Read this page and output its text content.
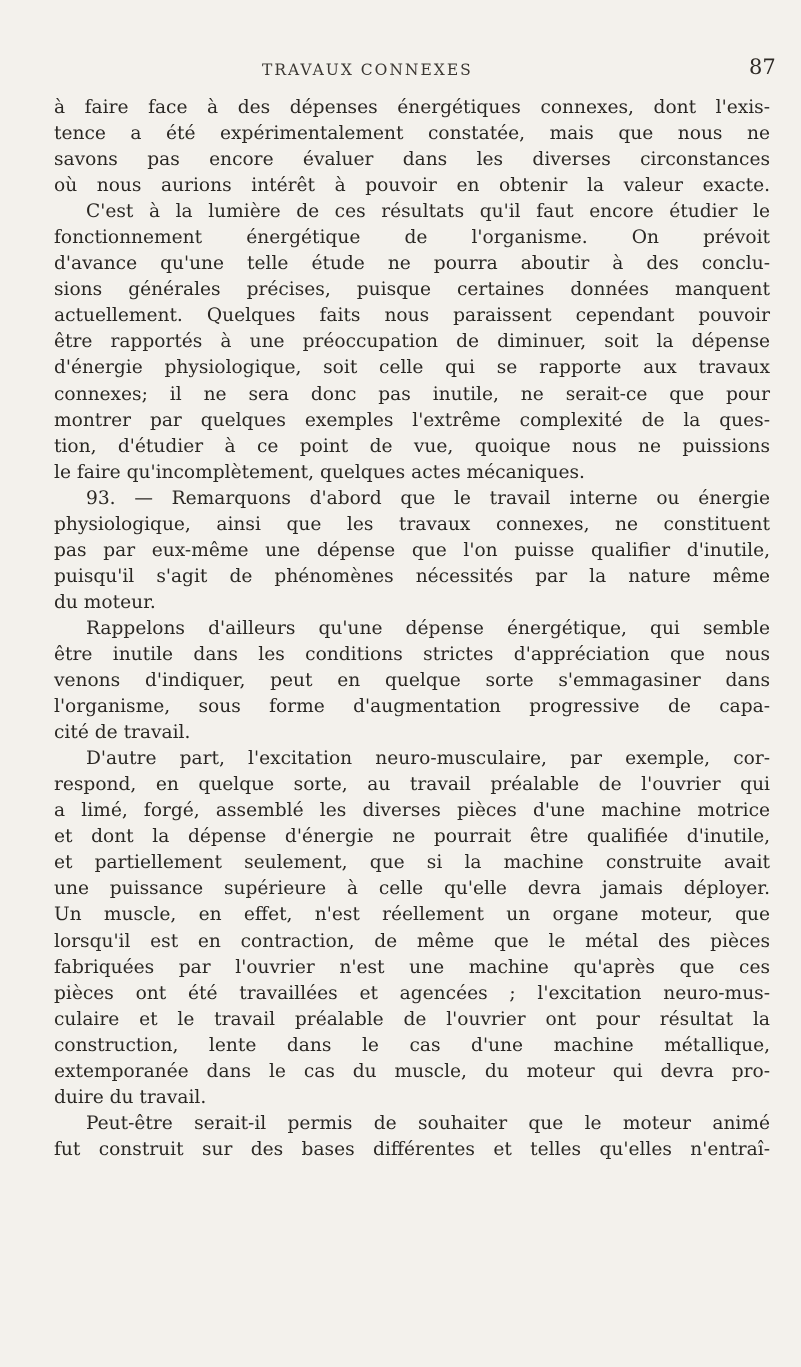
TRAVAUX CONNEXES	87
à faire face à des dépenses énergétiques connexes, dont l'exis-
tence a été expérimentalement constatée, mais que nous ne
savons pas encore évaluer dans les diverses circonstances
où nous aurions intérêt à pouvoir en obtenir la valeur exacte.
C'est à la lumière de ces résultats qu'il faut encore étudier le
fonctionnement énergétique de l'organisme. On prévoit
d'avance qu'une telle étude ne pourra aboutir à des conclu-
sions générales précises, puisque certaines données manquent
actuellement. Quelques faits nous paraissent cependant pouvoir
être rapportés à une préoccupation de diminuer, soit la dépense
d'énergie physiologique, soit celle qui se rapporte aux travaux
connexes; il ne sera donc pas inutile, ne serait-ce que pour
montrer par quelques exemples l'extrême complexité de la ques-
tion, d'étudier à ce point de vue, quoique nous ne puissions
le faire qu'incomplètement, quelques actes mécaniques.
93. — Remarquons d'abord que le travail interne ou énergie
physiologique, ainsi que les travaux connexes, ne constituent
pas par eux-même une dépense que l'on puisse qualifier d'inutile,
puisqu'il s'agit de phénomènes nécessités par la nature même
du moteur.
Rappelons d'ailleurs qu'une dépense énergétique, qui semble
être inutile dans les conditions strictes d'appréciation que nous
venons d'indiquer, peut en quelque sorte s'emmagasiner dans
l'organisme, sous forme d'augmentation progressive de capa-
cité de travail.
D'autre part, l'excitation neuro-musculaire, par exemple, cor-
respond, en quelque sorte, au travail préalable de l'ouvrier qui
a limé, forgé, assemblé les diverses pièces d'une machine motrice
et dont la dépense d'énergie ne pourrait être qualifiée d'inutile,
et partiellement seulement, que si la machine construite avait
une puissance supérieure à celle qu'elle devra jamais déployer.
Un muscle, en effet, n'est réellement un organe moteur, que
lorsqu'il est en contraction, de même que le métal des pièces
fabriquées par l'ouvrier n'est une machine qu'après que ces
pièces ont été travaillées et agencées ; l'excitation neuro-mus-
culaire et le travail préalable de l'ouvrier ont pour résultat la
construction, lente dans le cas d'une machine métallique,
extemporanée dans le cas du muscle, du moteur qui devra pro-
duire du travail.
Peut-être serait-il permis de souhaiter que le moteur animé
fut construit sur des bases différentes et telles qu'elles n'entraî-
